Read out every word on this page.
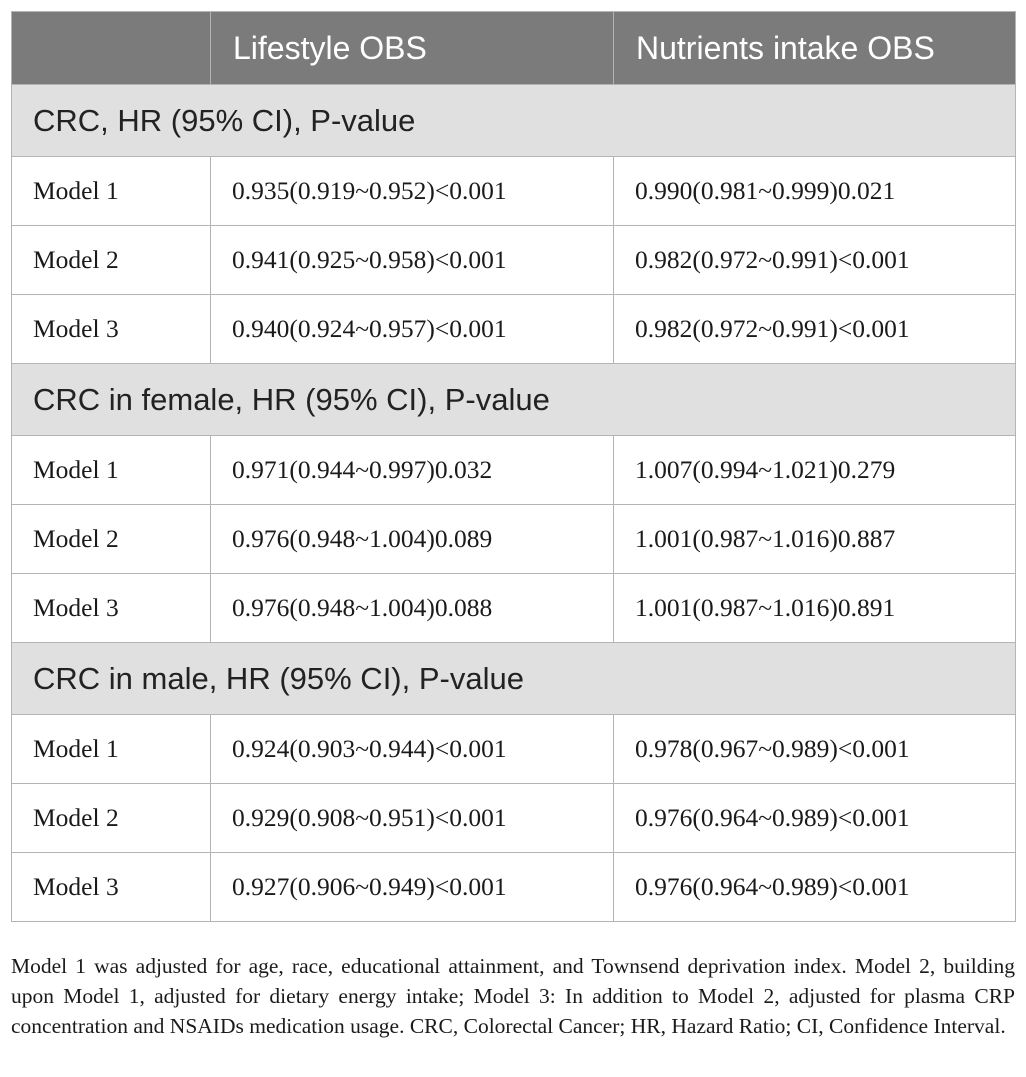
	Lifestyle OBS	Nutrients intake OBS
CRC, HR (95% CI), P-value		
Model 1	0.935(0.919~0.952)<0.001	0.990(0.981~0.999)0.021
Model 2	0.941(0.925~0.958)<0.001	0.982(0.972~0.991)<0.001
Model 3	0.940(0.924~0.957)<0.001	0.982(0.972~0.991)<0.001
CRC in female, HR (95% CI), P-value		
Model 1	0.971(0.944~0.997)0.032	1.007(0.994~1.021)0.279
Model 2	0.976(0.948~1.004)0.089	1.001(0.987~1.016)0.887
Model 3	0.976(0.948~1.004)0.088	1.001(0.987~1.016)0.891
CRC in male, HR (95% CI), P-value		
Model 1	0.924(0.903~0.944)<0.001	0.978(0.967~0.989)<0.001
Model 2	0.929(0.908~0.951)<0.001	0.976(0.964~0.989)<0.001
Model 3	0.927(0.906~0.949)<0.001	0.976(0.964~0.989)<0.001

Model 1 was adjusted for age, race, educational attainment, and Townsend deprivation index. Model 2, building upon Model 1, adjusted for dietary energy intake; Model 3: In addition to Model 2, adjusted for plasma CRP concentration and NSAIDs medication usage. CRC, Colorectal Cancer; HR, Hazard Ratio; CI, Confidence Interval.
